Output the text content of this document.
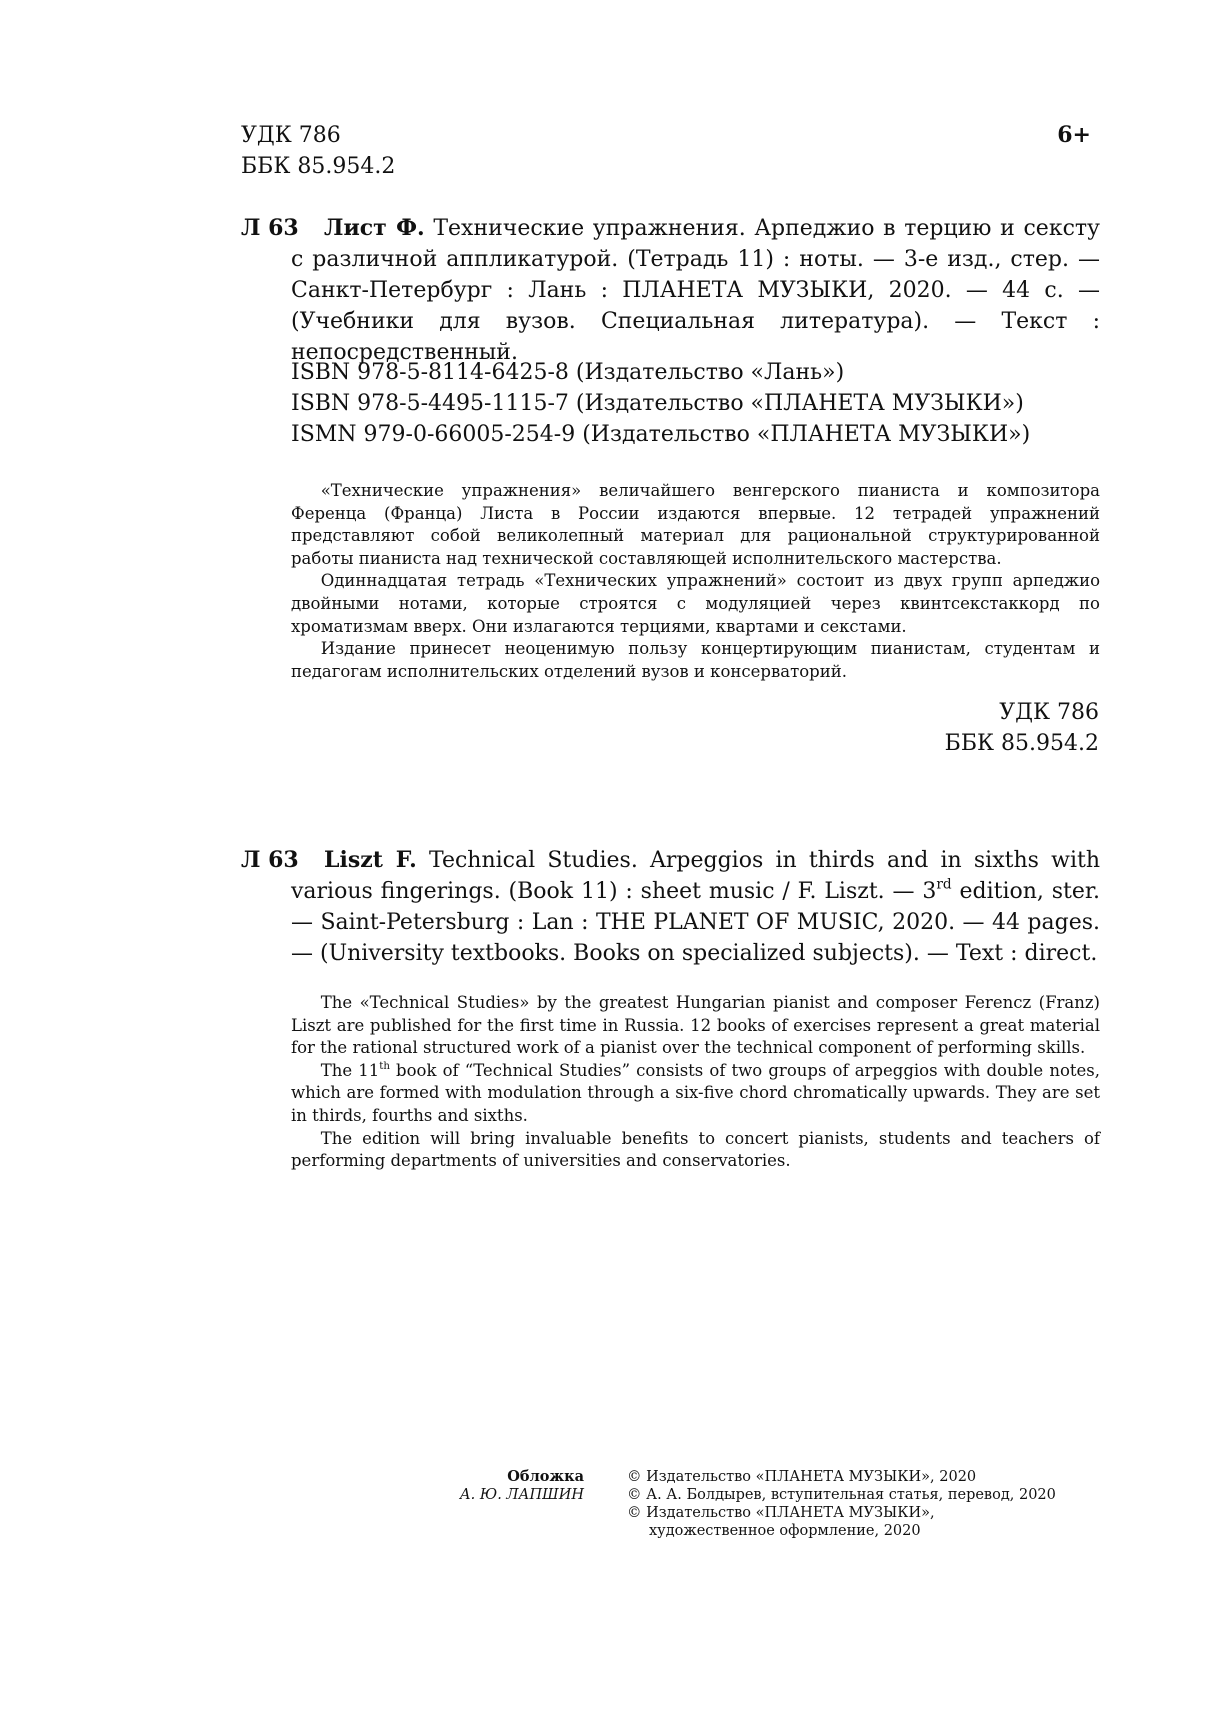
УДК 786
ББК 85.954.2
6+
Л 63	Лист Ф. Технические упражнения. Арпеджио в терцию и сексту с различной аппликатурой. (Тетрадь 11) : ноты. — 3-е изд., стер. — Санкт-Петербург : Лань : ПЛАНЕТА МУЗЫКИ, 2020. — 44 с. — (Учебники для вузов. Специальная литература). — Текст : непосредственный.
ISBN 978-5-8114-6425-8 (Издательство «Лань»)
ISBN 978-5-4495-1115-7 (Издательство «ПЛАНЕТА МУЗЫКИ»)
ISMN 979-0-66005-254-9 (Издательство «ПЛАНЕТА МУЗЫКИ»)

«Технические упражнения» величайшего венгерского пианиста и композитора Ференца (Франца) Листа в России издаются впервые. 12 тетрадей упражнений представляют собой великолепный материал для рациональной структурированной работы пианиста над технической составляющей исполнительского мастерства.

Одиннадцатая тетрадь «Технических упражнений» состоит из двух групп арпеджио двойными нотами, которые строятся с модуляцией через квинтсекстаккорд по хроматизмам вверх. Они излагаются терциями, квартами и секстами.

Издание принесет неоценимую пользу концертирующим пианистам, студентам и педагогам исполнительских отделений вузов и консерваторий.

УДК 786
ББК 85.954.2
Л 63	Liszt F. Technical Studies. Arpeggios in thirds and in sixths with various fingerings. (Book 11) : sheet music / F. Liszt. — 3rd edition, ster. — Saint-Petersburg : Lan : THE PLANET OF MUSIC, 2020. — 44 pages. — (University textbooks. Books on specialized subjects). — Text : direct.

The «Technical Studies» by the greatest Hungarian pianist and composer Ferencz (Franz) Liszt are published for the first time in Russia. 12 books of exercises represent a great material for the rational structured work of a pianist over the technical component of performing skills.

The 11th book of “Technical Studies” consists of two groups of arpeggios with double notes, which are formed with modulation through a six-five chord chromatically upwards. They are set in thirds, fourths and sixths.

The edition will bring invaluable benefits to concert pianists, students and teachers of performing departments of universities and conservatories.

Обложка
А. Ю. ЛАПШИН
© Издательство «ПЛАНЕТА МУЗЫКИ», 2020
© А. А. Болдырев, вступительная статья, перевод, 2020
© Издательство «ПЛАНЕТА МУЗЫКИ»,
художественное оформление, 2020
